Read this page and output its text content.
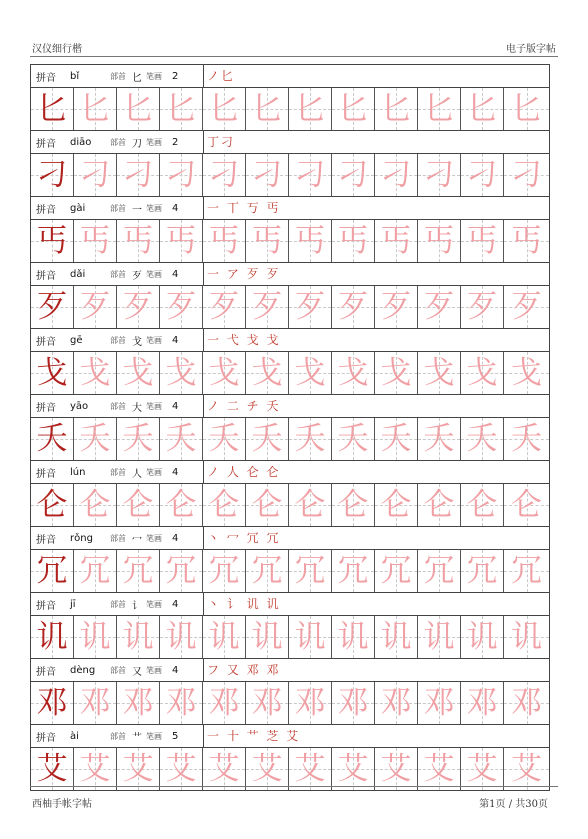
汉仪细行楷	电子版字帖
拼音 bǐ	部首 匕 笔画 2 ノ匕
匕 匕 匕 匕 匕 匕 匕 匕 匕 匕 匕 匕
拼音 diāo	部首 刀 笔画 2 丁刁
刁 刁 刁 刁 刁 刁 刁 刁 刁 刁 刁 刁
拼音 gài	部首 一 笔画 4 一 丅 丂 丐
丐 丐 丐 丐 丐 丐 丐 丐 丐 丐 丐 丐
拼音 dǎi	部首 歹 笔画 4 一 ア 歹 歹
歹 歹 歹 歹 歹 歹 歹 歹 歹 歹 歹 歹
拼音 gē	部首 戈 笔画 4 一 弋 戈 戈
戈 戈 戈 戈 戈 戈 戈 戈 戈 戈 戈 戈
拼音 yāo	部首 大 笔画 4 ノ 二 チ 夭
夭 夭 夭 夭 夭 夭 夭 夭 夭 夭 夭 夭
拼音 lún	部首 人 笔画 4 ノ 人 仑 仑
仑 仑 仑 仑 仑 仑 仑 仑 仑 仑 仑 仑
拼音 rǒng	部首 冖 笔画 4 丶 冖 冗 冗
冗 冗 冗 冗 冗 冗 冗 冗 冗 冗 冗 冗
拼音 jī	部首 讠 笔画 4 丶 讠 讥 讥
讥 讥 讥 讥 讥 讥 讥 讥 讥 讥 讥 讥
拼音 dèng	部首 又 笔画 4 フ 又 邓 邓
邓 邓 邓 邓 邓 邓 邓 邓 邓 邓 邓 邓
拼音 ài	部首 艹 笔画 5 一 十 艹 芝 艾
艾 艾 艾 艾 艾 艾 艾 艾 艾 艾 艾 艾
西柚手帐字帖	第1页 / 共30页
